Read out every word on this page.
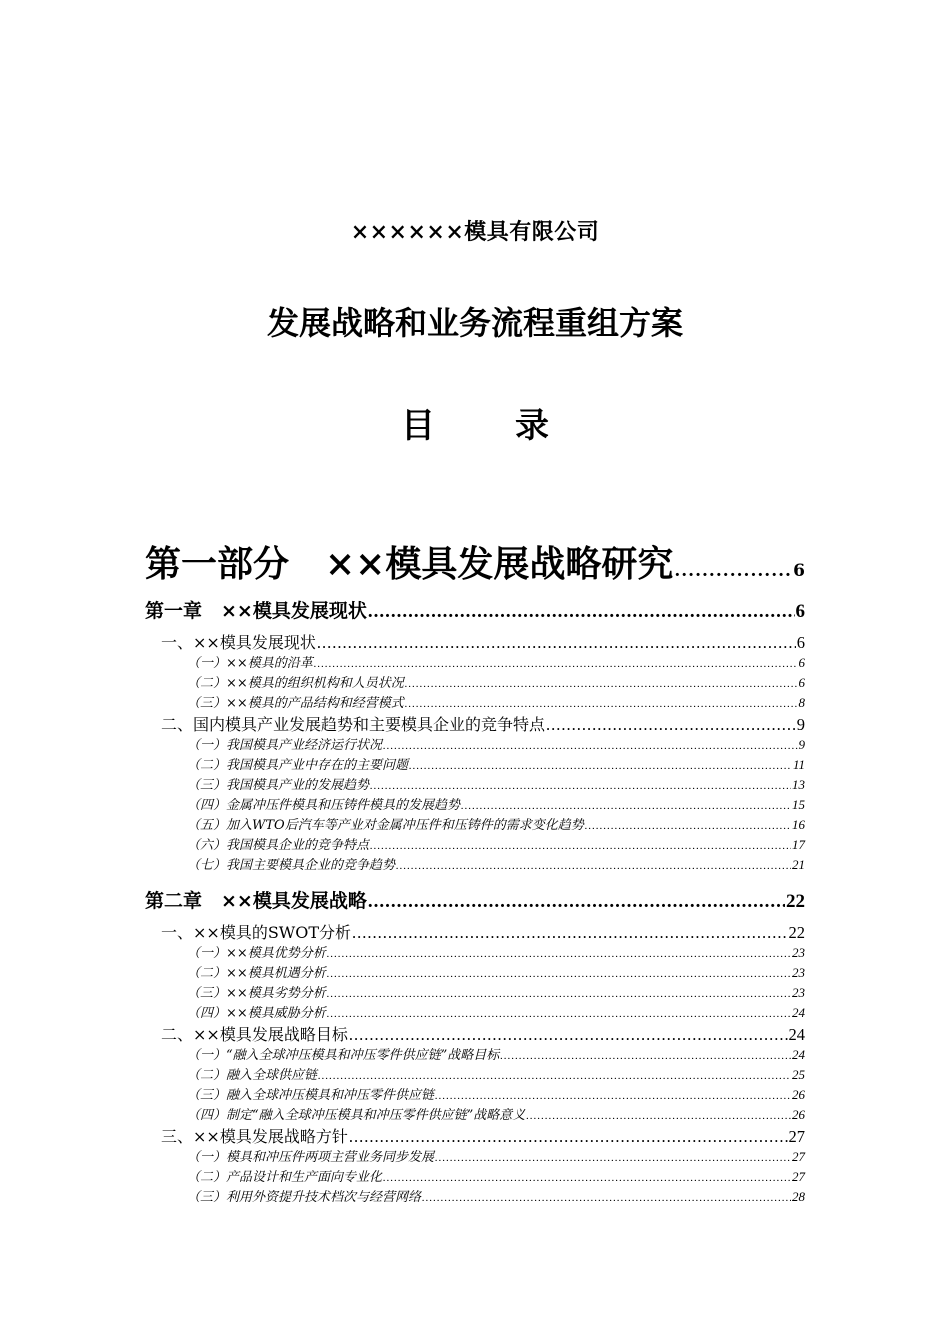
××××××模具有限公司
发展战略和业务流程重组方案
目 录
第一部分　××模具发展战略研究 .....	6
第一章　××模具发展现状 .....	6
一、××模具发展现状 .....	6
（一）××模具的沿革 .....	6
（二）××模具的组织机构和人员状况 .....	6
（三）××模具的产品结构和经营模式 .....	8
二、国内模具产业发展趋势和主要模具企业的竞争特点 .....	9
（一）我国模具产业经济运行状况 .....	9
（二）我国模具产业中存在的主要问题 .....	11
（三）我国模具产业的发展趋势 .....	13
（四）金属冲压件模具和压铸件模具的发展趋势 .....	15
（五）加入WTO后汽车等产业对金属冲压件和压铸件的需求变化趋势 .....	16
（六）我国模具企业的竞争特点 .....	17
（七）我国主要模具企业的竞争趋势 .....	21
第二章　××模具发展战略 .....	22
一、××模具的SWOT分析 .....	22
（一）××模具优势分析 .....	23
（二）××模具机遇分析 .....	23
（三）××模具劣势分析 .....	23
（四）××模具威胁分析 .....	24
二、××模具发展战略目标 .....	24
（一）“融入全球冲压模具和冲压零件供应链”战略目标 .....	24
（二）融入全球供应链 .....	25
（三）融入全球冲压模具和冲压零件供应链 .....	26
（四）制定“融入全球冲压模具和冲压零件供应链”战略意义 .....	26
三、××模具发展战略方针 .....	27
（一）模具和冲压件两项主营业务同步发展 .....	27
（二）产品设计和生产面向专业化 .....	27
（三）利用外资提升技术档次与经营网络 .....	28
